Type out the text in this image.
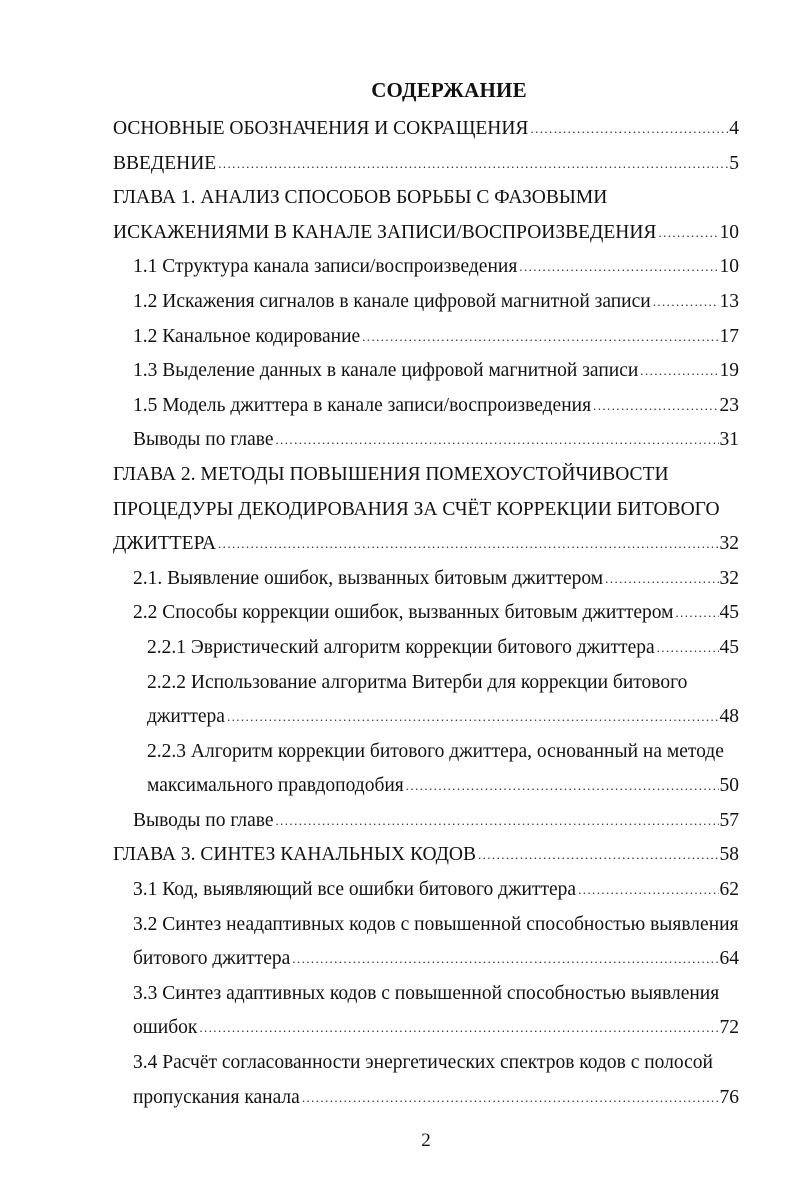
СОДЕРЖАНИЕ
ОСНОВНЫЕ ОБОЗНАЧЕНИЯ И СОКРАЩЕНИЯ .....	4
ВВЕДЕНИЕ .....	5
ГЛАВА 1. АНАЛИЗ СПОСОБОВ БОРЬБЫ С ФАЗОВЫМИ
ИСКАЖЕНИЯМИ В КАНАЛЕ ЗАПИСИ/ВОСПРОИЗВЕДЕНИЯ .....	10
1.1 Структура канала записи/воспроизведения .....	10
1.2 Искажения сигналов в канале цифровой магнитной записи .....	13
1.2 Канальное кодирование .....	17
1.3 Выделение данных в канале цифровой магнитной записи .....	19
1.5 Модель джиттера в канале записи/воспроизведения .....	23
Выводы по главе .....	31
ГЛАВА 2. МЕТОДЫ ПОВЫШЕНИЯ ПОМЕХОУСТОЙЧИВОСТИ
ПРОЦЕДУРЫ ДЕКОДИРОВАНИЯ ЗА СЧЁТ КОРРЕКЦИИ БИТОВОГО
ДЖИТТЕРА .....	32
2.1. Выявление ошибок, вызванных битовым джиттером .....	32
2.2 Способы коррекции ошибок, вызванных битовым джиттером ..... 45
2.2.1 Эвристический алгоритм коррекции битового джиттера .....	45
2.2.2 Использование алгоритма Витерби для коррекции битового
джиттера .....	48
2.2.3 Алгоритм коррекции битового джиттера, основанный на методе
максимального правдоподобия .....	50
Выводы по главе .....	57
ГЛАВА 3. СИНТЕЗ КАНАЛЬНЫХ КОДОВ .....	58
3.1 Код, выявляющий все ошибки битового джиттера .....	62
3.2 Синтез неадаптивных кодов с повышенной способностью выявления
битового джиттера .....	64
3.3 Синтез адаптивных кодов с повышенной способностью выявления
ошибок .....	72
3.4 Расчёт согласованности энергетических спектров кодов с полосой
пропускания канала .....	76
2
